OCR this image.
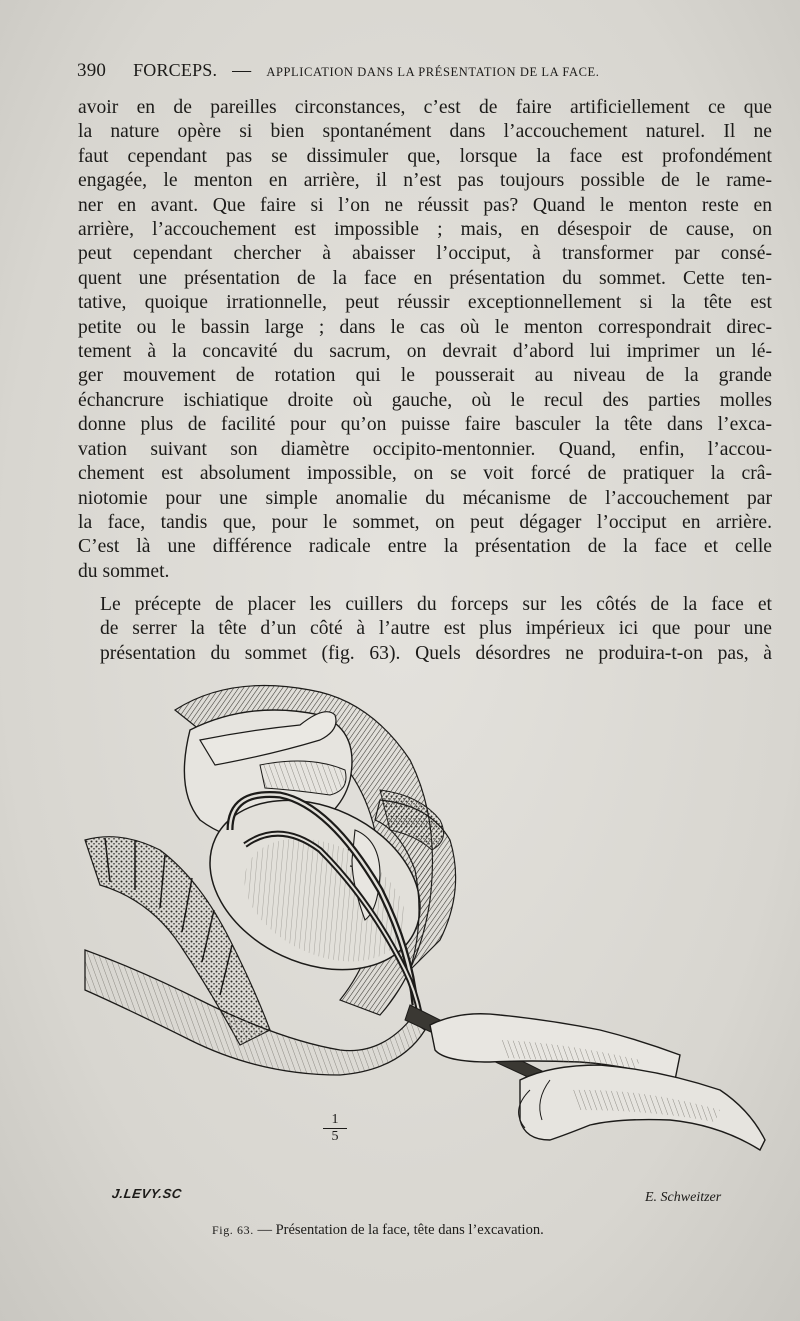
390 FORCEPS. — APPLICATION DANS LA PRÉSENTATION DE LA FACE.
avoir en de pareilles circonstances, c’est de faire artificiellement ce que
la nature opère si bien spontanément dans l’accouchement naturel. Il ne
faut cependant pas se dissimuler que, lorsque la face est profondément
engagée, le menton en arrière, il n’est pas toujours possible de le rame-
ner en avant. Que faire si l’on ne réussit pas? Quand le menton reste en
arrière, l’accouchement est impossible ; mais, en désespoir de cause, on
peut cependant chercher à abaisser l’occiput, à transformer par consé-
quent une présentation de la face en présentation du sommet. Cette ten-
tative, quoique irrationnelle, peut réussir exceptionnellement si la tête est
petite ou le bassin large ; dans le cas où le menton correspondrait direc-
tement à la concavité du sacrum, on devrait d’abord lui imprimer un lé-
ger mouvement de rotation qui le pousserait au niveau de la grande
échancrure ischiatique droite où gauche, où le recul des parties molles
donne plus de facilité pour qu’on puisse faire basculer la tête dans l’exca-
vation suivant son diamètre occipito-mentonnier. Quand, enfin, l’accou-
chement est absolument impossible, on se voit forcé de pratiquer la crâ-
niotomie pour une simple anomalie du mécanisme de l’accouchement par
la face, tandis que, pour le sommet, on peut dégager l’occiput en arrière.
C’est là une différence radicale entre la présentation de la face et celle
du sommet.
Le précepte de placer les cuillers du forceps sur les côtés de la face et
de serrer la tête d’un côté à l’autre est plus impérieux ici que pour une
présentation du sommet (fig. 63). Quels désordres ne produira-t-on pas, à
$\frac{1}{5}$
J.LEVY.SC	E. Schweitzer
Fig. 63. — Présentation de la face, tête dans l’excavation.
